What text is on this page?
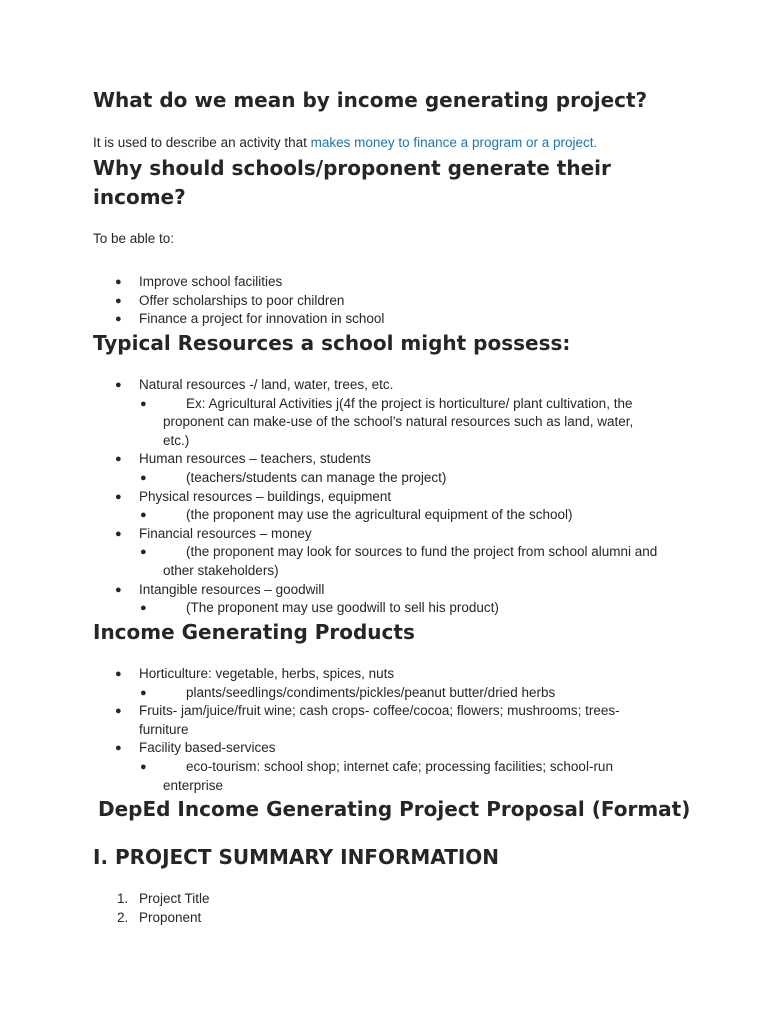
What do we mean by income generating project?

It is used to describe an activity that makes money to finance a program or a project.

Why should schools/proponent generate their income?

To be able to:

● Improve school facilities
● Offer scholarships to poor children
● Finance a project for innovation in school
Typical Resources a school might possess:
● Natural resources -/ land, water, trees, etc.
●	Ex: Agricultural Activities j(4f the project is horticulture/ plant cultivation, the proponent can make-use of the school’s natural resources such as land, water, etc.)
● Human resources – teachers, students
●	(teachers/students can manage the project)
● Physical resources – buildings, equipment
●	(the proponent may use the agricultural equipment of the school)
● Financial resources – money
●	(the proponent may look for sources to fund the project from school alumni and other stakeholders)
● Intangible resources – goodwill
●	(The proponent may use goodwill to sell his product)
Income Generating Products
● Horticulture: vegetable, herbs, spices, nuts
●	plants/seedlings/condiments/pickles/peanut butter/dried herbs
● Fruits- jam/juice/fruit wine; cash crops- coffee/cocoa; flowers; mushrooms; trees-
furniture
● Facility based-services
●	eco-tourism: school shop; internet cafe; processing facilities; school-run enterprise
DepEd Income Generating Project Proposal (Format)
I. PROJECT SUMMARY INFORMATION
1. Project Title
2. Proponent
